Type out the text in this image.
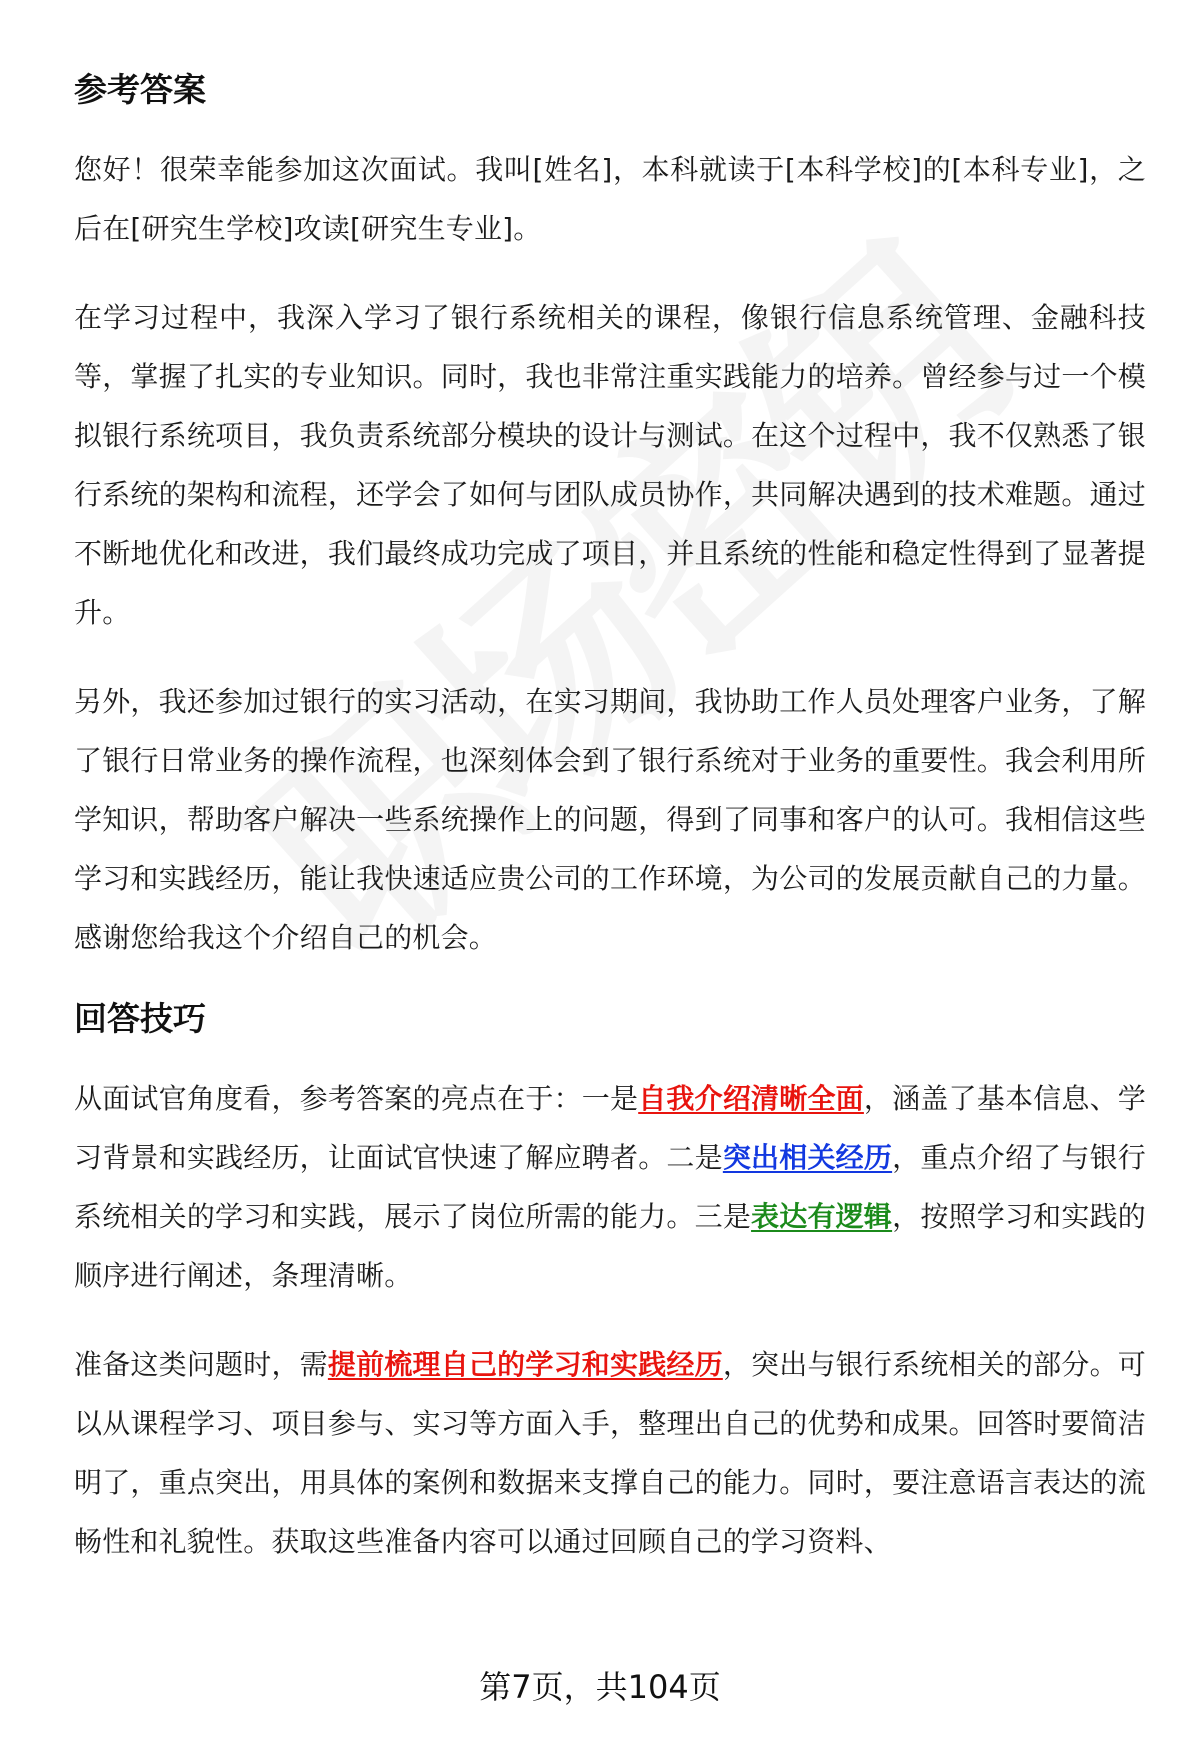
参考答案

您好！很荣幸能参加这次面试。我叫[姓名]，本科就读于[本科学校]的[本科专业]，之后在[研究生学校]攻读[研究生专业]。

在学习过程中，我深入学习了银行系统相关的课程，像银行信息系统管理、金融科技等，掌握了扎实的专业知识。同时，我也非常注重实践能力的培养。曾经参与过一个模拟银行系统项目，我负责系统部分模块的设计与测试。在这个过程中，我不仅熟悉了银行系统的架构和流程，还学会了如何与团队成员协作，共同解决遇到的技术难题。通过不断地优化和改进，我们最终成功完成了项目，并且系统的性能和稳定性得到了显著提升。

另外，我还参加过银行的实习活动，在实习期间，我协助工作人员处理客户业务，了解了银行日常业务的操作流程，也深刻体会到了银行系统对于业务的重要性。我会利用所学知识，帮助客户解决一些系统操作上的问题，得到了同事和客户的认可。我相信这些学习和实践经历，能让我快速适应贵公司的工作环境，为公司的发展贡献自己的力量。感谢您给我这个介绍自己的机会。

回答技巧

从面试官角度看，参考答案的亮点在于：一是自我介绍清晰全面，涵盖了基本信息、学习背景和实践经历，让面试官快速了解应聘者。二是突出相关经历，重点介绍了与银行系统相关的学习和实践，展示了岗位所需的能力。三是表达有逻辑，按照学习和实践的顺序进行阐述，条理清晰。

准备这类问题时，需提前梳理自己的学习和实践经历，突出与银行系统相关的部分。可以从课程学习、项目参与、实习等方面入手，整理出自己的优势和成果。回答时要简洁明了，重点突出，用具体的案例和数据来支撑自己的能力。同时，要注意语言表达的流畅性和礼貌性。获取这些准备内容可以通过回顾自己的学习资料、

第7页，共104页
